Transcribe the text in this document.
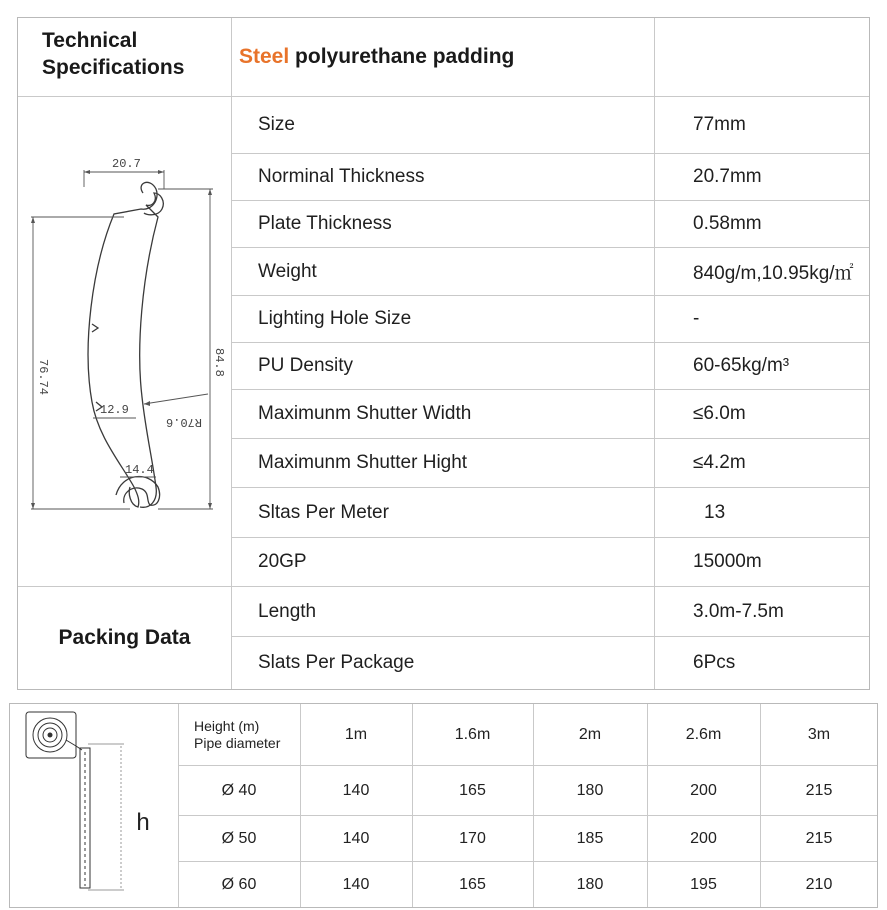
Technical
Specifications	Steel polyurethane padding
Size	77mm
Norminal Thickness	20.7mm
Plate Thickness	0.58mm
Weight	840g/m,10.95kg/㎡
Lighting Hole Size	-
PU Density	60-65kg/m³
Maximunm Shutter Width	≤6.0m
Maximunm Shutter Hight	≤4.2m
Sltas Per Meter	13
20GP	15000m
20.7
76.74	84.8
12.9
R70.6
14.4
Packing Data
Length	3.0m-7.5m
Slats Per Package	6Pcs
h
Height (m)
Pipe diameter
1m	1.6m	2m	2.6m	3m
Ø 40	140	165	180	200	215
Ø 50	140	170	185	200	215
Ø 60	140	165	180	195	210
